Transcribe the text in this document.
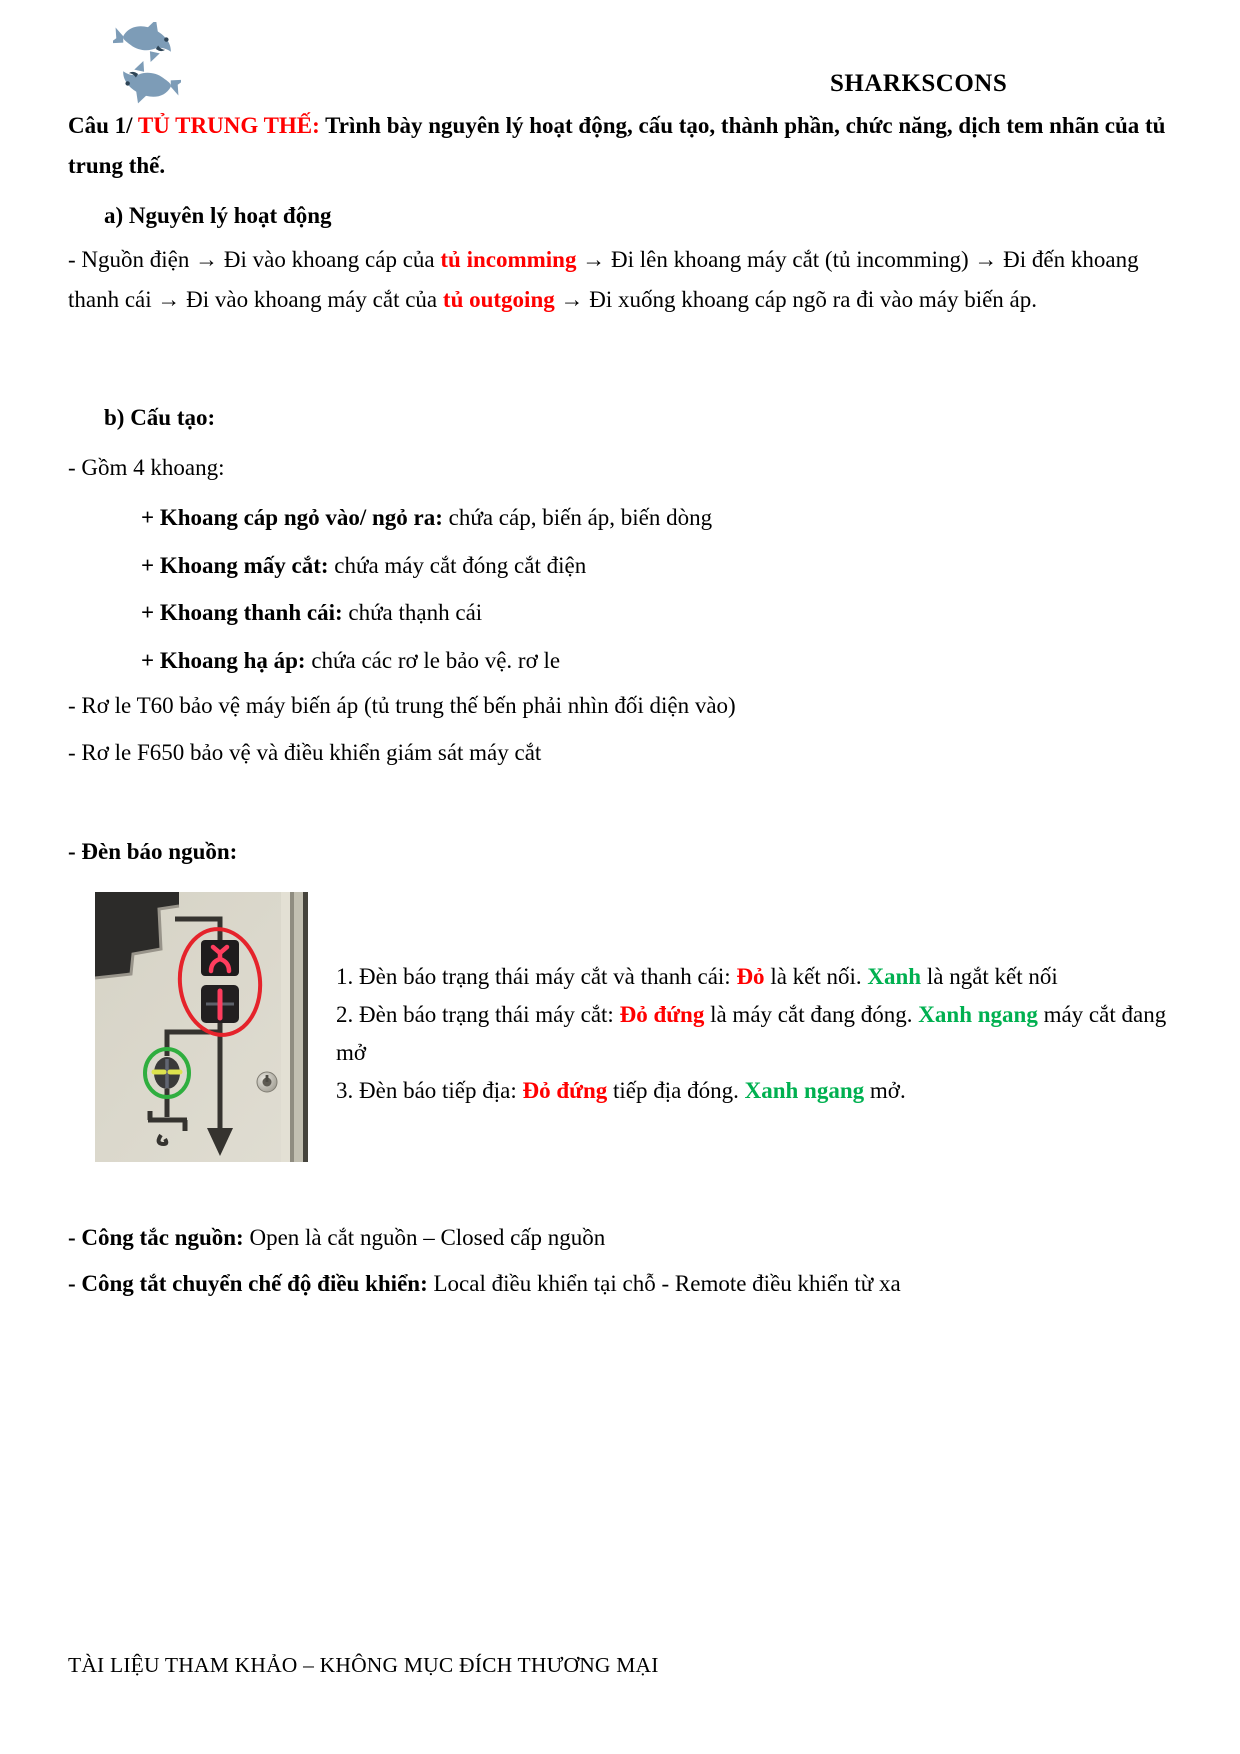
SHARKSCONS
Câu 1/ TỦ TRUNG THẾ: Trình bày nguyên lý hoạt động, cấu tạo, thành phần, chức năng, dịch tem nhãn của tủ trung thế.
a) Nguyên lý hoạt động
- Nguồn điện → Đi vào khoang cáp của tủ incomming → Đi lên khoang máy cắt (tủ incomming) → Đi đến khoang thanh cái → Đi vào khoang máy cắt của tủ outgoing → Đi xuống khoang cáp ngõ ra đi vào máy biến áp.
b) Cấu tạo:
- Gồm 4 khoang:
+ Khoang cáp ngỏ vào/ ngỏ ra: chứa cáp, biến áp, biến dòng
+ Khoang mấy cắt: chứa máy cắt đóng cắt điện
+ Khoang thanh cái: chứa thạnh cái
+ Khoang hạ áp: chứa các rơ le bảo vệ. rơ le
- Rơ le T60 bảo vệ máy biến áp (tủ trung thế bến phải nhìn đối diện vào)
- Rơ le F650 bảo vệ và điều khiển giám sát máy cắt
- Đèn báo nguồn:
1. Đèn báo trạng thái máy cắt và thanh cái: Đỏ là kết nối. Xanh là ngắt kết nối
2. Đèn báo trạng thái máy cắt: Đỏ đứng là máy cắt đang đóng. Xanh ngang máy cắt đang mở
3. Đèn báo tiếp địa: Đỏ đứng tiếp địa đóng. Xanh ngang mở.
- Công tắc nguồn: Open là cắt nguồn – Closed cấp nguồn
- Công tắt chuyển chế độ điều khiển: Local điều khiển tại chỗ - Remote điều khiển từ xa
TÀI LIỆU THAM KHẢO – KHÔNG MỤC ĐÍCH THƯƠNG MẠI
